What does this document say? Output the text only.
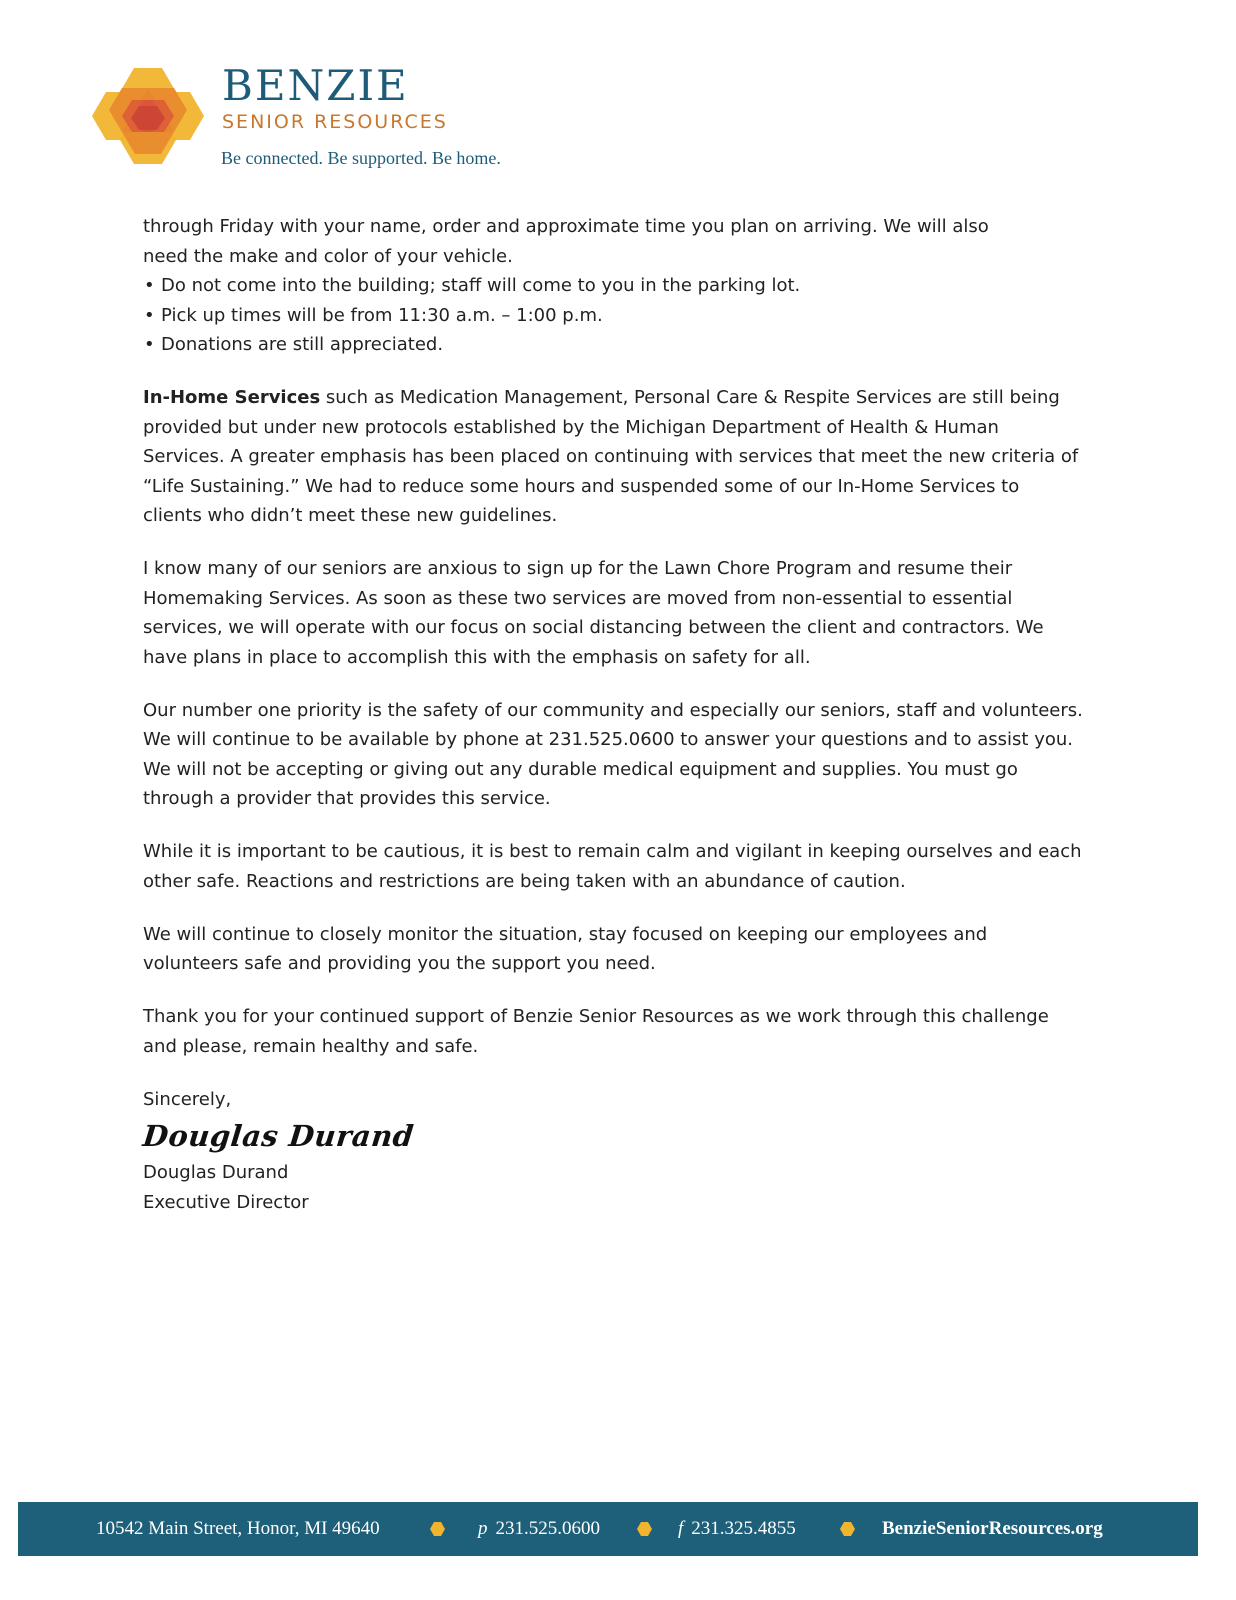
BENZIE
SENIOR RESOURCES
Be connected. Be supported. Be home.
through Friday with your name, order and approximate time you plan on arriving. We will also
need the make and color of your vehicle.
• Do not come into the building; staff will come to you in the parking lot.
• Pick up times will be from 11:30 a.m. – 1:00 p.m.
• Donations are still appreciated.

In-Home Services such as Medication Management, Personal Care & Respite Services are still being provided but under new protocols established by the Michigan Department of Health & Human Services. A greater emphasis has been placed on continuing with services that meet the new criteria of “Life Sustaining.” We had to reduce some hours and suspended some of our In-Home Services to clients who didn’t meet these new guidelines.

I know many of our seniors are anxious to sign up for the Lawn Chore Program and resume their Homemaking Services. As soon as these two services are moved from non-essential to essential services, we will operate with our focus on social distancing between the client and contractors. We have plans in place to accomplish this with the emphasis on safety for all.

Our number one priority is the safety of our community and especially our seniors, staff and volunteers. We will continue to be available by phone at 231.525.0600 to answer your questions and to assist you. We will not be accepting or giving out any durable medical equipment and supplies. You must go through a provider that provides this service.

While it is important to be cautious, it is best to remain calm and vigilant in keeping ourselves and each other safe. Reactions and restrictions are being taken with an abundance of caution.

We will continue to closely monitor the situation, stay focused on keeping our employees and volunteers safe and providing you the support you need.

Thank you for your continued support of Benzie Senior Resources as we work through this challenge and please, remain healthy and safe.

Sincerely,
Douglas Durand
Douglas Durand
Executive Director
10542 Main Street, Honor, MI 49640	p 231.525.0600	f 231.325.4855	BenzieSeniorResources.org
